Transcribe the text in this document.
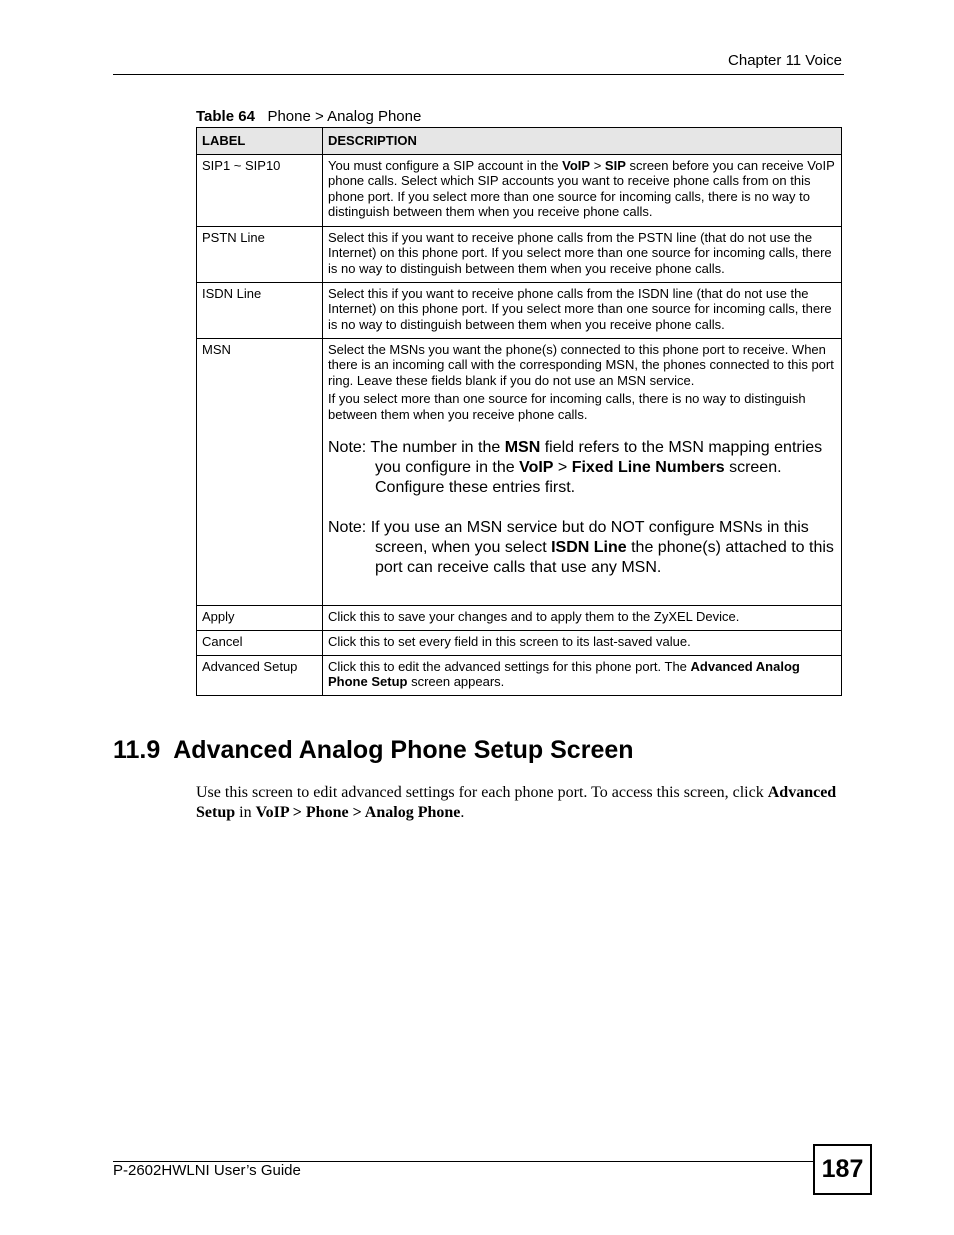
Chapter 11 Voice
Table 64 Phone > Analog Phone
LABEL	DESCRIPTION
SIP1 ~ SIP10	You must configure a SIP account in the VoIP > SIP screen before you can receive VoIP phone calls. Select which SIP accounts you want to receive phone calls from on this phone port. If you select more than one source for incoming calls, there is no way to distinguish between them when you receive phone calls.
PSTN Line	Select this if you want to receive phone calls from the PSTN line (that do not use the Internet) on this phone port. If you select more than one source for incoming calls, there is no way to distinguish between them when you receive phone calls.
ISDN Line	Select this if you want to receive phone calls from the ISDN line (that do not use the Internet) on this phone port. If you select more than one source for incoming calls, there is no way to distinguish between them when you receive phone calls.
MSN	Select the MSNs you want the phone(s) connected to this phone port to receive. When there is an incoming call with the corresponding MSN, the phones connected to this port ring. Leave these fields blank if you do not use an MSN service.
If you select more than one source for incoming calls, there is no way to distinguish between them when you receive phone calls.
Note: The number in the MSN field refers to the MSN mapping entries you configure in the VoIP > Fixed Line Numbers screen. Configure these entries first.
Note: If you use an MSN service but do NOT configure MSNs in this screen, when you select ISDN Line the phone(s) attached to this port can receive calls that use any MSN.

Apply	Click this to save your changes and to apply them to the ZyXEL Device.
Cancel	Click this to set every field in this screen to its last-saved value.
Advanced Setup	Click this to edit the advanced settings for this phone port. The Advanced Analog Phone Setup screen appears.
11.9  Advanced Analog Phone Setup Screen
Use this screen to edit advanced settings for each phone port. To access this screen, click Advanced Setup in VoIP > Phone > Analog Phone.
P-2602HWLNI User’s Guide	187
